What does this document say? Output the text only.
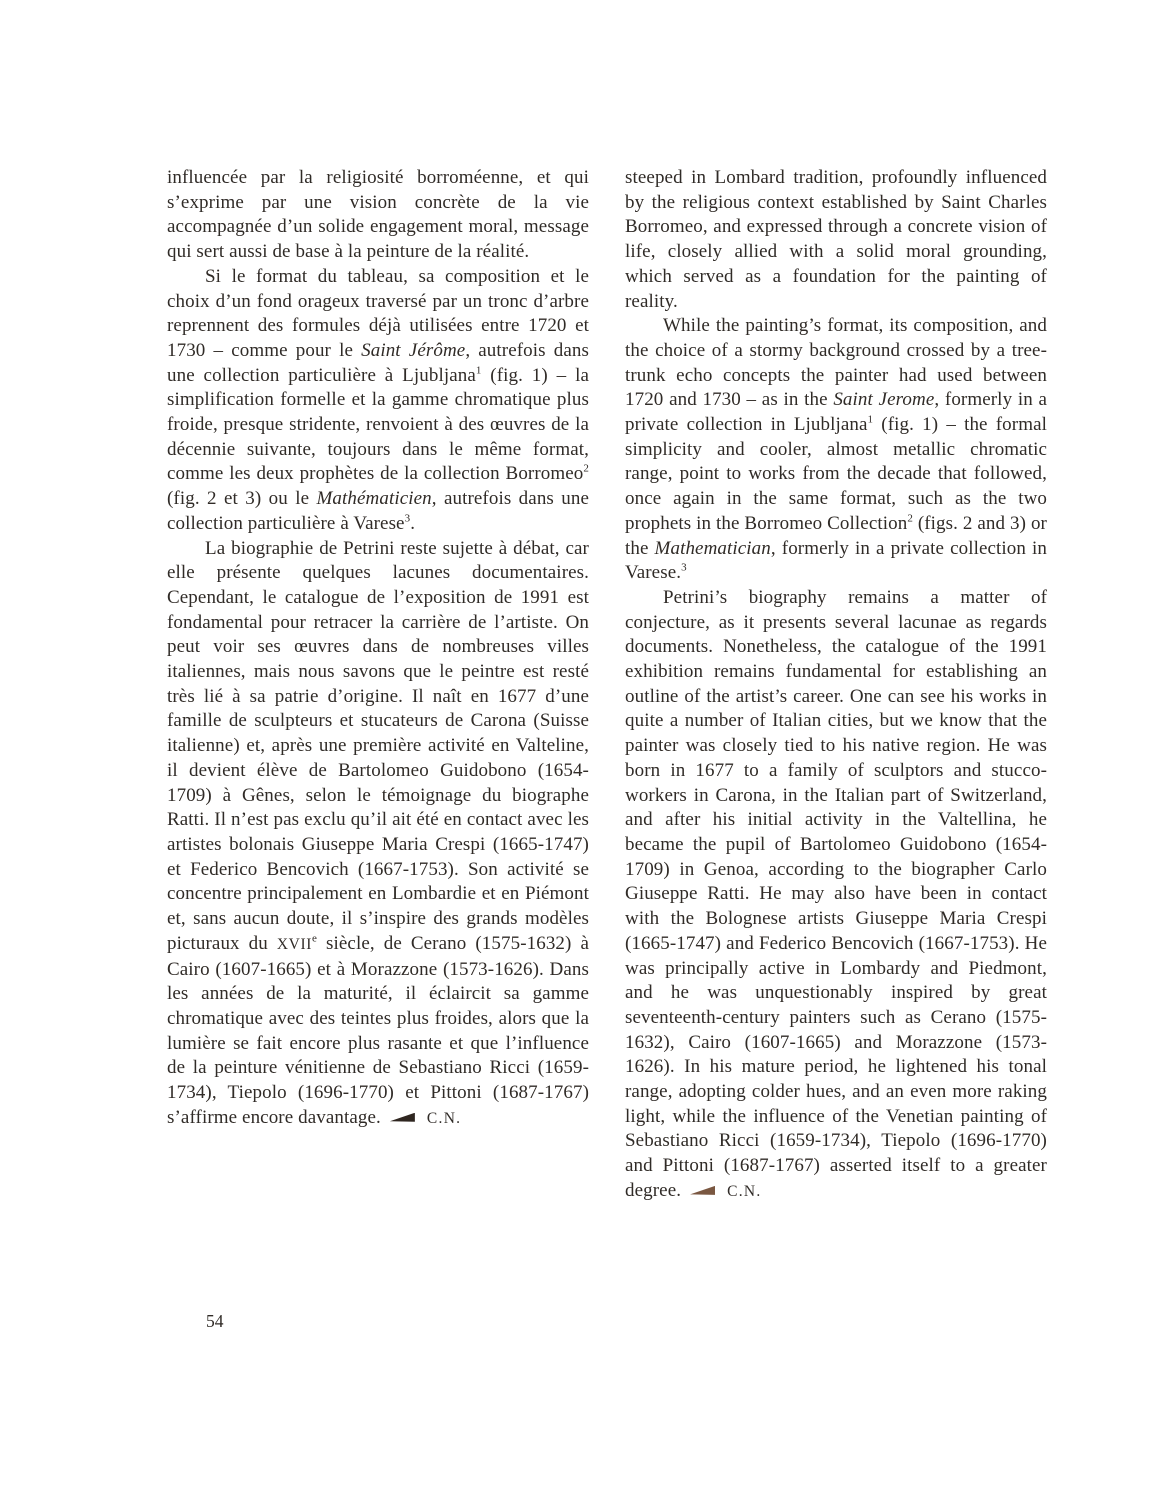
influencée par la religiosité borroméenne, et qui s’exprime par une vision concrète de la vie accompagnée d’un solide engagement moral, message qui sert aussi de base à la peinture de la réalité.

Si le format du tableau, sa composition et le choix d’un fond orageux traversé par un tronc d’arbre reprennent des formules déjà utilisées entre 1720 et 1730 – comme pour le Saint Jérôme, autrefois dans une collection particulière à Ljubljana$^1$ (fig. 1) – la simplification formelle et la gamme chromatique plus froide, presque stridente, renvoient à des œuvres de la décennie suivante, toujours dans le même format, comme les deux prophètes de la collection Borromeo$^2$ (fig. 2 et 3) ou le Mathématicien, autrefois dans une collection particulière à Varese$^3$.

La biographie de Petrini reste sujette à débat, car elle présente quelques lacunes documentaires. Cependant, le catalogue de l’exposition de 1991 est fondamental pour retracer la carrière de l’artiste. On peut voir ses œuvres dans de nombreuses villes italiennes, mais nous savons que le peintre est resté très lié à sa patrie d’origine. Il naît en 1677 d’une famille de sculpteurs et stucateurs de Carona (Suisse italienne) et, après une première activité en Valteline, il devient élève de Bartolomeo Guidobono (1654-1709) à Gênes, selon le témoignage du biographe Ratti. Il n’est pas exclu qu’il ait été en contact avec les artistes bolonais Giuseppe Maria Crespi (1665-1747) et Federico Bencovich (1667-1753). Son activité se concentre principalement en Lombardie et en Piémont et, sans aucun doute, il s’inspire des grands modèles picturaux du XVIIe siècle, de Cerano (1575-1632) à Cairo (1607-1665) et à Morazzone (1573-1626). Dans les années de la maturité, il éclaircit sa gamme chromatique avec des teintes plus froides, alors que la lumière se fait encore plus rasante et que l’influence de la peinture vénitienne de Sebastiano Ricci (1659-1734), Tiepolo (1696-1770) et Pittoni (1687-1767) s’affirme encore davantage.	C.N.

steeped in Lombard tradition, profoundly influenced by the religious context established by Saint Charles Borromeo, and expressed through a concrete vision of life, closely allied with a solid moral grounding, which served as a foundation for the painting of reality.

While the painting’s format, its composition, and the choice of a stormy background crossed by a tree-trunk echo concepts the painter had used between 1720 and 1730 – as in the Saint Jerome, formerly in a private collection in Ljubljana$^1$ (fig. 1) – the formal simplicity and cooler, almost metallic chromatic range, point to works from the decade that followed, once again in the same format, such as the two prophets in the Borromeo Collection$^2$ (figs. 2 and 3) or the Mathematician, formerly in a private collection in Varese.$^3$

Petrini’s biography remains a matter of conjecture, as it presents several lacunae as regards documents. Nonetheless, the catalogue of the 1991 exhibition remains fundamental for establishing an outline of the artist’s career. One can see his works in quite a number of Italian cities, but we know that the painter was closely tied to his native region. He was born in 1677 to a family of sculptors and stucco-workers in Carona, in the Italian part of Switzerland, and after his initial activity in the Valtellina, he became the pupil of Bartolomeo Guidobono (1654-1709) in Genoa, according to the biographer Carlo Giuseppe Ratti. He may also have been in contact with the Bolognese artists Giuseppe Maria Crespi (1665-1747) and Federico Bencovich (1667-1753). He was principally active in Lombardy and Piedmont, and he was unquestionably inspired by great seventeenth-century painters such as Cerano (1575-1632), Cairo (1607-1665) and Morazzone (1573-1626). In his mature period, he lightened his tonal range, adopting colder hues, and an even more raking light, while the influence of the Venetian painting of Sebastiano Ricci (1659-1734), Tiepolo (1696-1770) and Pittoni (1687-1767) asserted itself to a greater degree.	C.N.

54
